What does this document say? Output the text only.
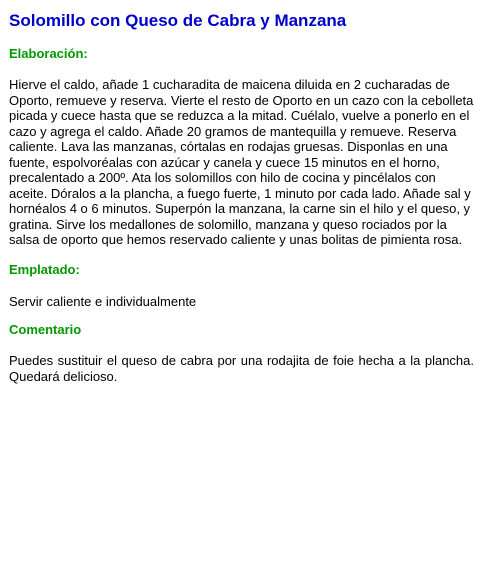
Solomillo con Queso de Cabra y Manzana
Elaboración:

Hierve el caldo, añade 1 cucharadita de maicena diluida en 2 cucharadas de Oporto, remueve y reserva. Vierte el resto de Oporto en un cazo con la cebolleta picada y cuece hasta que se reduzca a la mitad. Cuélalo, vuelve a ponerlo en el cazo y agrega el caldo. Añade 20 gramos de mantequilla y remueve. Reserva caliente. Lava las manzanas, córtalas en rodajas gruesas. Disponlas en una fuente, espolvoréalas con azúcar y canela y cuece 15 minutos en el horno, precalentado a 200º. Ata los solomillos con hilo de cocina y pincélalos con aceite. Dóralos a la plancha, a fuego fuerte, 1 minuto por cada lado. Añade sal y hornéalos 4 o 6 minutos. Superpón la manzana, la carne sin el hilo y el queso, y gratina. Sirve los medallones de solomillo, manzana y queso rociados por la salsa de oporto que hemos reservado caliente y unas bolitas de pimienta rosa.

Emplatado:

Servir caliente e individualmente

Comentario

Puedes sustituir el queso de cabra por una rodajita de foie hecha a la plancha. Quedará delicioso.
